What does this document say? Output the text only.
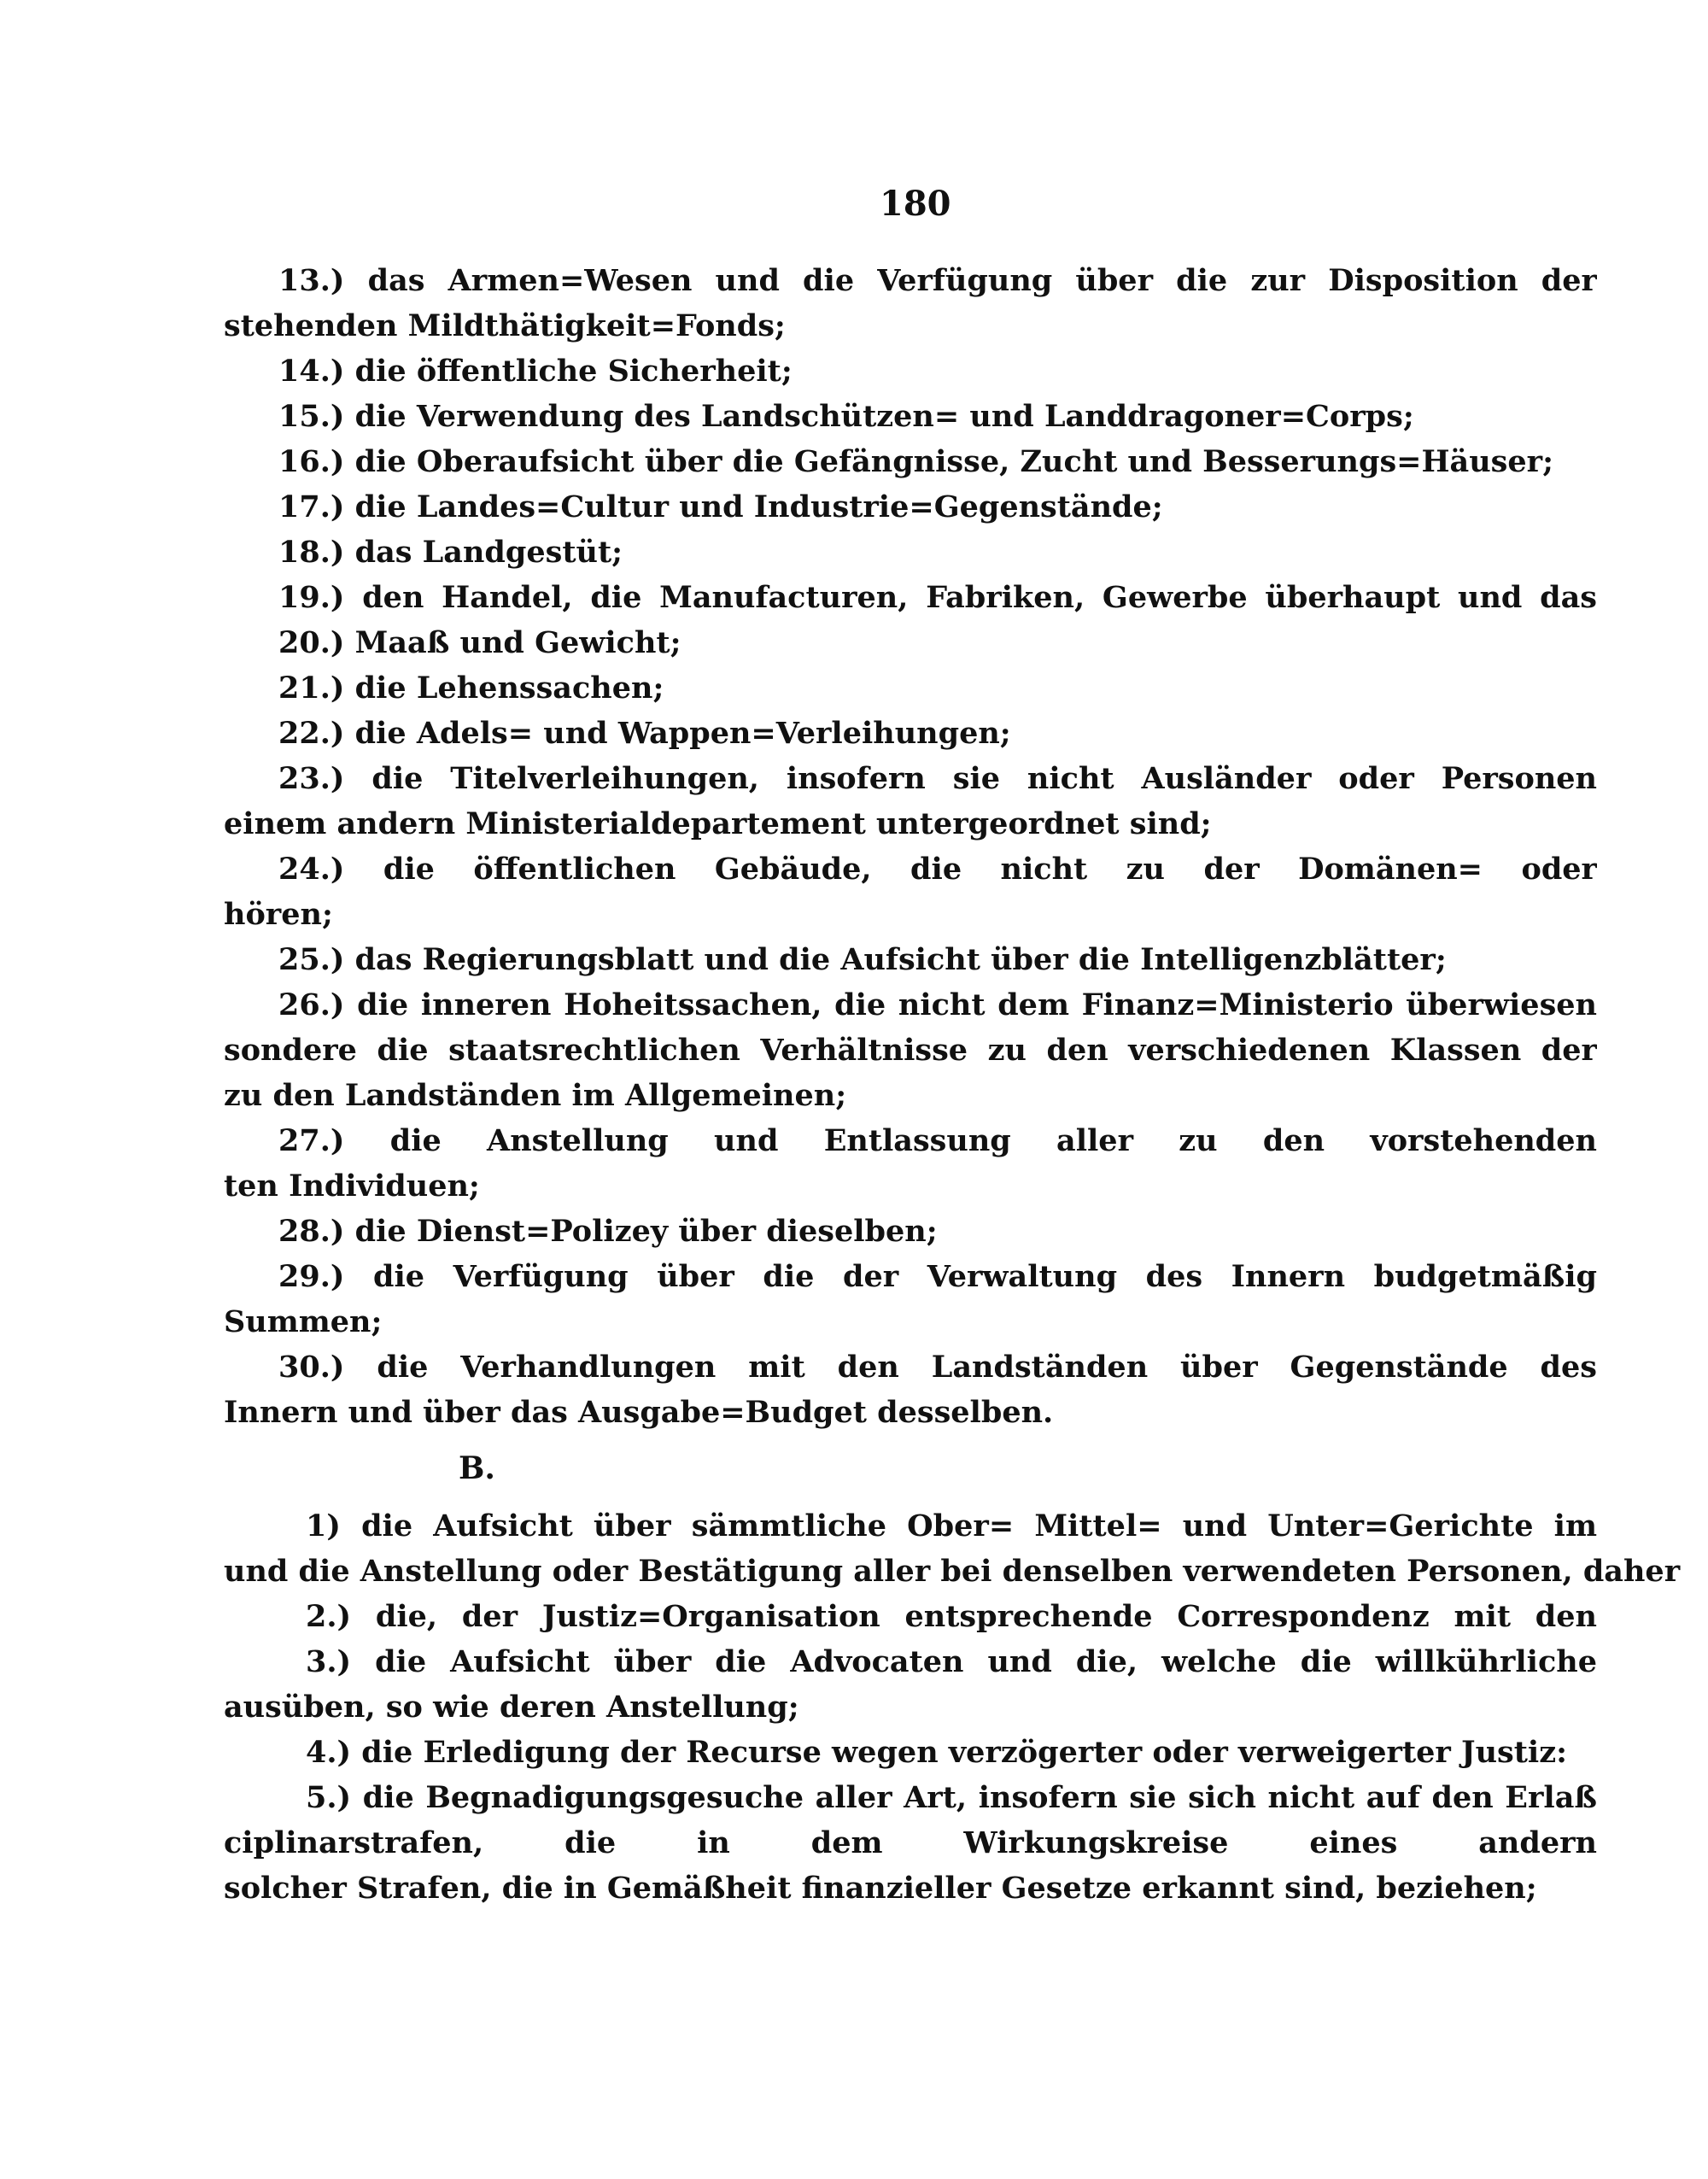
180
13.) das Armen=Wesen und die Verfügung über die zur Disposition der
stehenden Mildthätigkeit=Fonds;
14.) die öffentliche Sicherheit;
15.) die Verwendung des Landschützen= und Landdragoner=Corps;
16.) die Oberaufsicht über die Gefängnisse, Zucht und Besserungs=Häuser;
17.) die Landes=Cultur und Industrie=Gegenstände;
18.) das Landgestüt;
19.) den Handel, die Manufacturen, Fabriken, Gewerbe überhaupt und das
20.) Maaß und Gewicht;
21.) die Lehenssachen;
22.) die Adels= und Wappen=Verleihungen;
23.) die Titelverleihungen, insofern sie nicht Ausländer oder Personen
einem andern Ministerialdepartement untergeordnet sind;
24.) die öffentlichen Gebäude, die nicht zu der Domänen= oder
hören;
25.) das Regierungsblatt und die Aufsicht über die Intelligenzblätter;
26.) die inneren Hoheitssachen, die nicht dem Finanz=Ministerio überwiesen
sondere die staatsrechtlichen Verhältnisse zu den verschiedenen Klassen der
zu den Landständen im Allgemeinen;
27.) die Anstellung und Entlassung aller zu den vorstehenden
ten Individuen;
28.) die Dienst=Polizey über dieselben;
29.) die Verfügung über die der Verwaltung des Innern budgetmäßig
Summen;
30.) die Verhandlungen mit den Landständen über Gegenstände des
Innern und über das Ausgabe=Budget desselben.
B.
1) die Aufsicht über sämmtliche Ober= Mittel= und Unter=Gerichte im
und die Anstellung oder Bestätigung aller bei denselben verwendeten Personen, daher
2.) die, der Justiz=Organisation entsprechende Correspondenz mit den
3.) die Aufsicht über die Advocaten und die, welche die willkührliche
ausüben, so wie deren Anstellung;
4.) die Erledigung der Recurse wegen verzögerter oder verweigerter Justiz:
5.) die Begnadigungsgesuche aller Art, insofern sie sich nicht auf den Erlaß
ciplinarstrafen, die in dem Wirkungskreise eines andern
solcher Strafen, die in Gemäßheit finanzieller Gesetze erkannt sind, beziehen;
